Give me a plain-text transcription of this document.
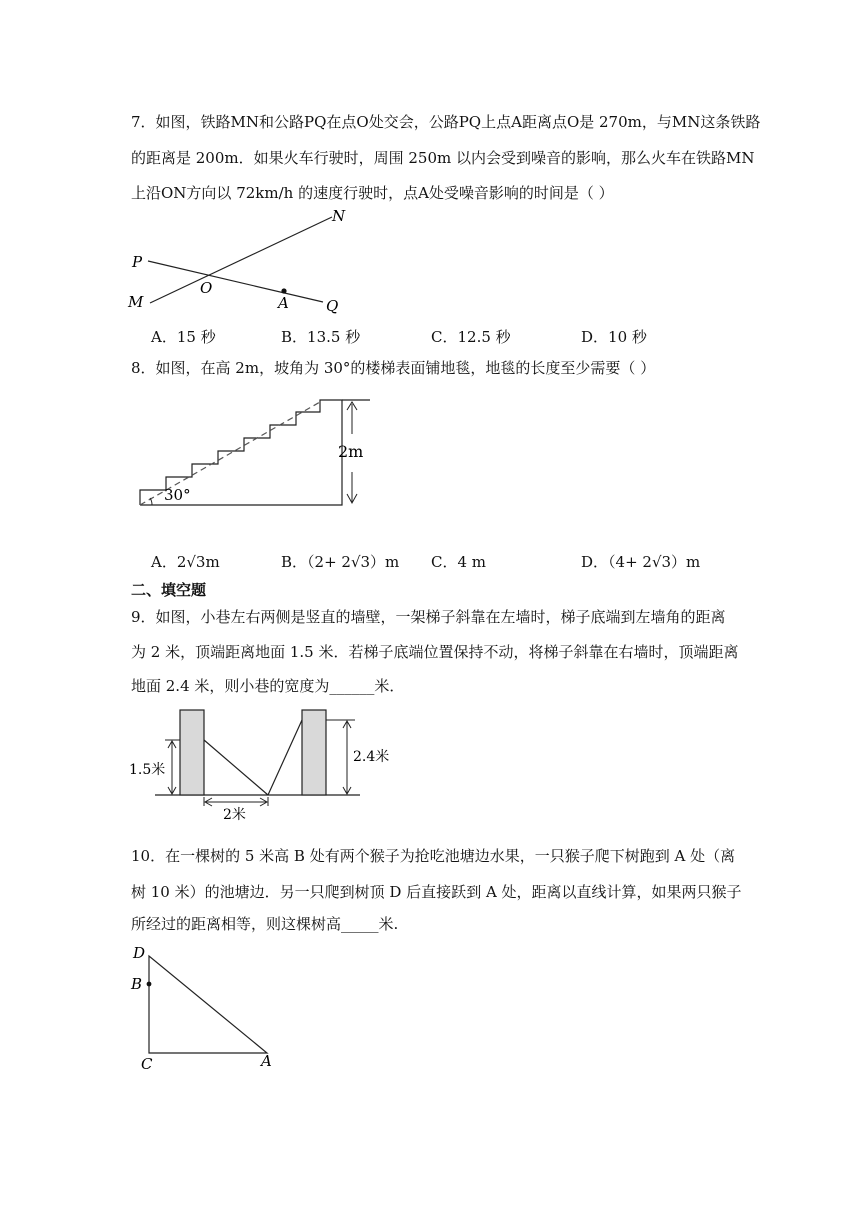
7．如图，铁路MN和公路PQ在点O处交会，公路PQ上点A距离点O是 270m，与MN这条铁路
的距离是 200m．如果火车行驶时，周围 250m 以内会受到噪音的影响，那么火车在铁路MN
上沿ON方向以 72km/h 的速度行驶时，点A处受噪音影响的时间是（ ）
N
P
O
M	A Q
A．15 秒	B．13.5 秒	C．12.5 秒	D．10 秒
8．如图，在高 2m，坡角为 30°的楼梯表面铺地毯，地毯的长度至少需要（ ）
30°
2m
A．2√3m	B．（2+ 2√3）m C．4 m	D．（4+ 2√3）m
二、填空题
9．如图，小巷左右两侧是竖直的墙壁，一架梯子斜靠在左墙时，梯子底端到左墙角的距离
为 2 米，顶端距离地面 1.5 米．若梯子底端位置保持不动，将梯子斜靠在右墙时，顶端距离
地面 2.4 米，则小巷的宽度为______米．
1.5米
2.4米
2米
10．在一棵树的 5 米高 B 处有两个猴子为抢吃池塘边水果，一只猴子爬下树跑到 A 处（离
树 10 米）的池塘边．另一只爬到树顶 D 后直接跃到 A 处，距离以直线计算，如果两只猴子
所经过的距离相等，则这棵树高_____米.
D
B
C	A
